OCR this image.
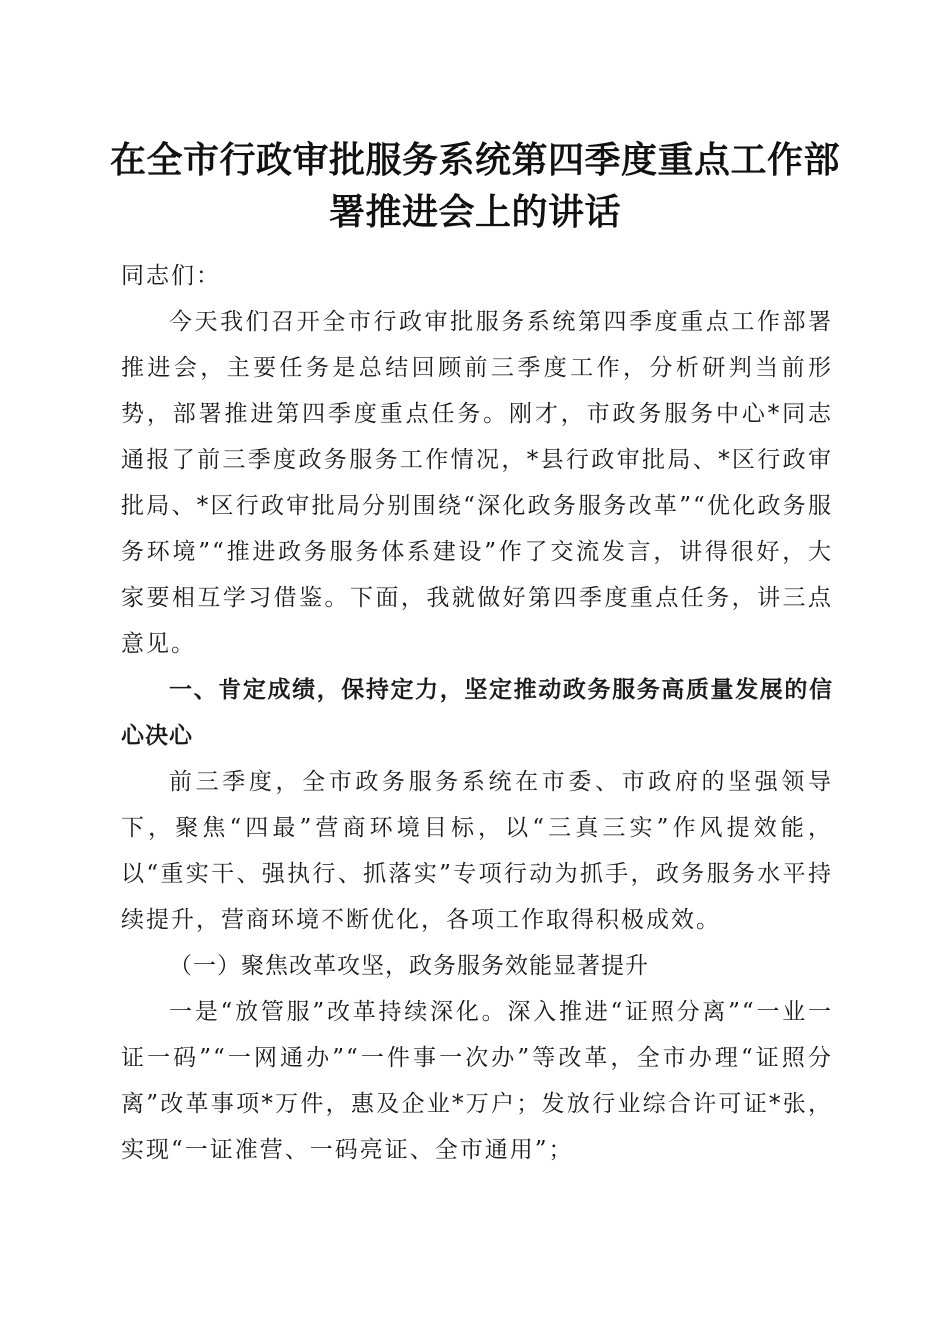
在全市行政审批服务系统第四季度重点工作部署推进会上的讲话

同志们：

今天我们召开全市行政审批服务系统第四季度重点工作部署推进会，主要任务是总结回顾前三季度工作，分析研判当前形势，部署推进第四季度重点任务。刚才，市政务服务中心*同志通报了前三季度政务服务工作情况，*县行政审批局、*区行政审批局、*区行政审批局分别围绕“深化政务服务改革”“优化政务服务环境”“推进政务服务体系建设”作了交流发言，讲得很好，大家要相互学习借鉴。下面，我就做好第四季度重点任务，讲三点意见。

一、肯定成绩，保持定力，坚定推动政务服务高质量发展的信心决心

前三季度，全市政务服务系统在市委、市政府的坚强领导下，聚焦“四最”营商环境目标，以“三真三实”作风提效能，以“重实干、强执行、抓落实”专项行动为抓手，政务服务水平持续提升，营商环境不断优化，各项工作取得积极成效。

（一）聚焦改革攻坚，政务服务效能显著提升

一是“放管服”改革持续深化。深入推进“证照分离”“一业一证一码”“一网通办”“一件事一次办”等改革，全市办理“证照分离”改革事项*万件，惠及企业*万户；发放行业综合许可证*张，实现“一证准营、一码亮证、全市通用”；
